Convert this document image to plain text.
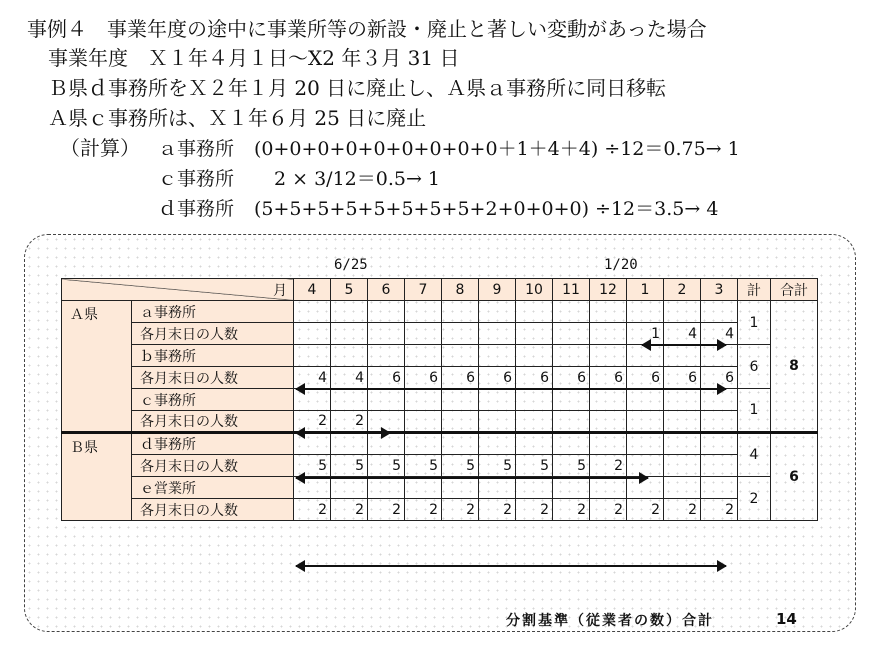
事例４　事業年度の途中に事業所等の新設・廃止と著しい変動があった場合
事業年度　Ｘ１年４月１日～X2 年３月 31 日
Ｂ県ｄ事務所をＸ２年１月 20 日に廃止し、Ａ県ａ事務所に同日移転
Ａ県ｃ事務所は、Ｘ１年６月 25 日に廃止
（計算） ａ事務所 (0+0+0+0+0+0+0+0+0＋1＋4＋4) ÷12＝0.75→ 1
ｃ事務所 2 × 3/12＝0.5→ 1
ｄ事務所 (5+5+5+5+5+5+5+5+2+0+0+0) ÷12＝3.5→ 4
6/25	1/20
月		4	5	6	7	8	9	10	11	12	1	2	3	計	合計
Ａ県	ａ事務所													1	8
	各月末日の人数										1	4	4		
	ｂ事務所													6	
	各月末日の人数	4	4	6	6	6	6	6	6	6	6	6	6		
	ｃ事務所													1	
	各月末日の人数	2	2												
Ｂ県	ｄ事務所													4	6
	各月末日の人数	5	5	5	5	5	5	5	5	2					
	ｅ営業所													2	
	各月末日の人数	2	2	2	2	2	2	2	2	2	2	2	2		
分割基準（従業者の数）合計	14
